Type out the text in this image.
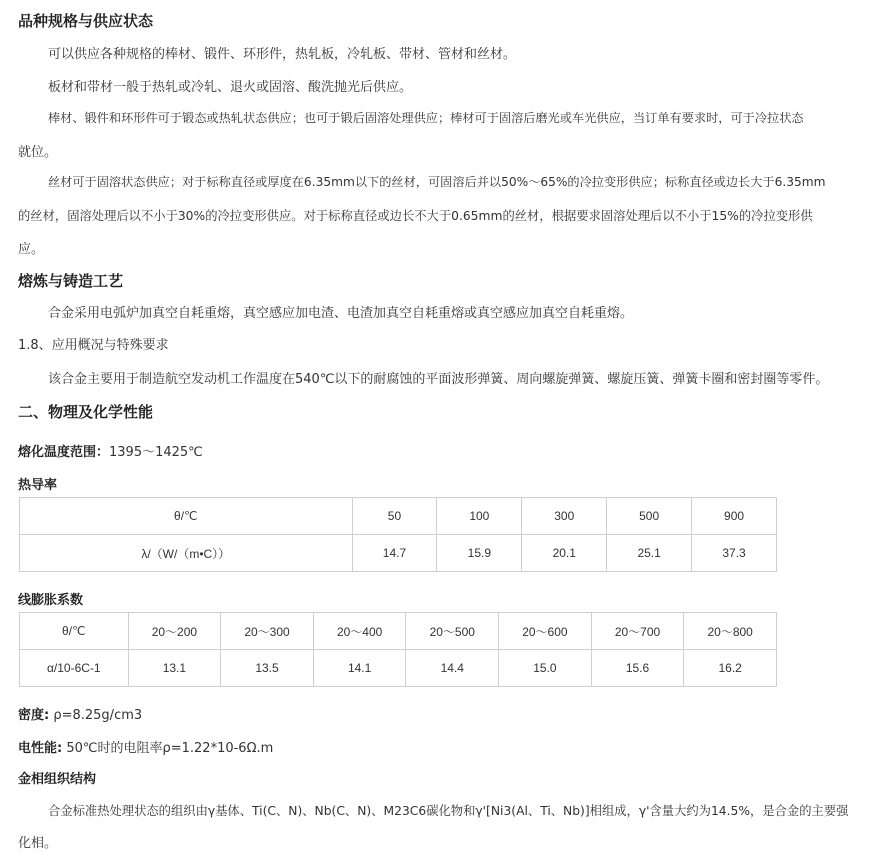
品种规格与供应状态
可以供应各种规格的棒材、锻件、环形件，热轧板，冷轧板、带材、管材和丝材。
板材和带材一般于热轧或冷轧、退火或固溶、酸洗抛光后供应。
棒材、锻件和环形件可于锻态或热轧状态供应；也可于锻后固溶处理供应；棒材可于固溶后磨光或车光供应，当订单有要求时，可于冷拉状态
就位。
丝材可于固溶状态供应；对于标称直径或厚度在6.35mm以下的丝材，可固溶后并以50%～65%的冷拉变形供应；标称直径或边长大于6.35mm
的丝材，固溶处理后以不小于30%的冷拉变形供应。对于标称直径或边长不大于0.65mm的丝材，根据要求固溶处理后以不小于15%的冷拉变形供
应。
熔炼与铸造工艺
合金采用电弧炉加真空自耗重熔，真空感应加电渣、电渣加真空自耗重熔或真空感应加真空自耗重熔。
1.8、应用概况与特殊要求
该合金主要用于制造航空发动机工作温度在540℃以下的耐腐蚀的平面波形弹簧、周向螺旋弹簧、螺旋压簧、弹簧卡圈和密封圈等零件。
二、物理及化学性能
熔化温度范围：1395～1425℃
热导率
θ/℃	50	100	300	500	900
λ/（W/（m•C））	14.7	15.9	20.1	25.1	37.3
线膨胀系数
θ/℃	20～200	20～300	20～400	20～500	20～600	20～700	20～800
α/10-6C-1	13.1	13.5	14.1	14.4	15.0	15.6	16.2
密度: ρ=8.25g/cm3
电性能: 50℃时的电阻率ρ=1.22*10-6Ω.m
金相组织结构
合金标准热处理状态的组织由γ基体、Ti(C、N)、Nb(C、N)、M23C6碳化物和γ'[Ni3(Al、Ti、Nb)]相组成，γ'含量大约为14.5%，是合金的主要强
化相。
